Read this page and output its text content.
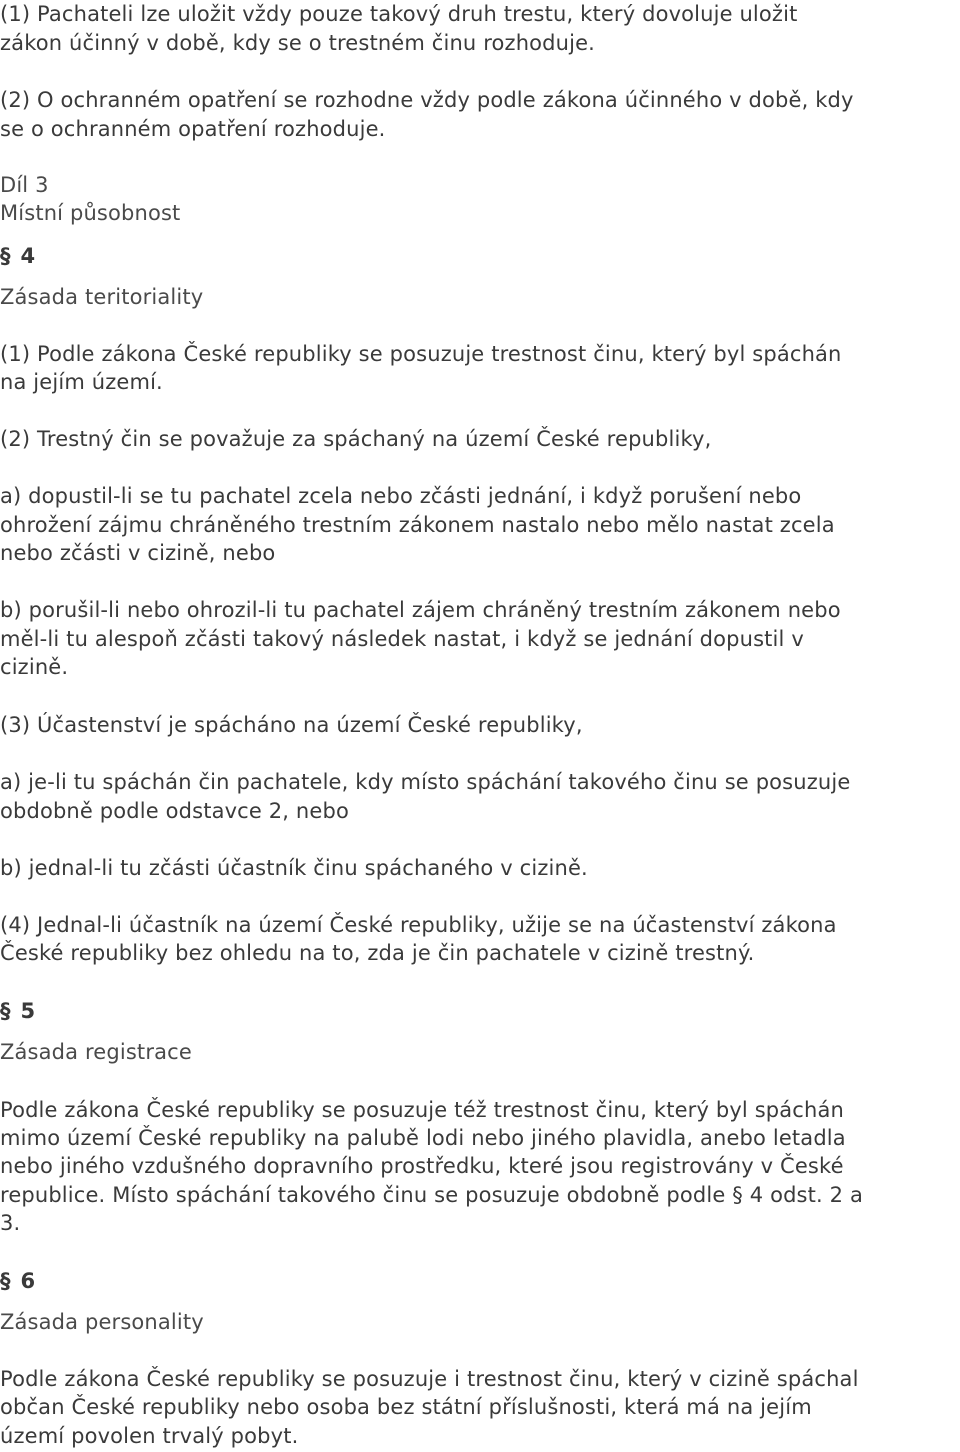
(1) Pachateli lze uložit vždy pouze takový druh trestu, který dovoluje uložit

zákon účinný v době, kdy se o trestném činu rozhoduje.

(2) O ochranném opatření se rozhodne vždy podle zákona účinného v době, kdy

se o ochranném opatření rozhoduje.

Díl 3

Místní působnost

§ 4

Zásada teritoriality

(1) Podle zákona České republiky se posuzuje trestnost činu, který byl spáchán

na jejím území.

(2) Trestný čin se považuje za spáchaný na území České republiky,

a) dopustil-li se tu pachatel zcela nebo zčásti jednání, i když porušení nebo

ohrožení zájmu chráněného trestním zákonem nastalo nebo mělo nastat zcela

nebo zčásti v cizině, nebo

b) porušil-li nebo ohrozil-li tu pachatel zájem chráněný trestním zákonem nebo

měl-li tu alespoň zčásti takový následek nastat, i když se jednání dopustil v

cizině.

(3) Účastenství je spácháno na území České republiky,

a) je-li tu spáchán čin pachatele, kdy místo spáchání takového činu se posuzuje

obdobně podle odstavce 2, nebo

b) jednal-li tu zčásti účastník činu spáchaného v cizině.

(4) Jednal-li účastník na území České republiky, užije se na účastenství zákona

České republiky bez ohledu na to, zda je čin pachatele v cizině trestný.

§ 5

Zásada registrace

Podle zákona České republiky se posuzuje též trestnost činu, který byl spáchán

mimo území České republiky na palubě lodi nebo jiného plavidla, anebo letadla

nebo jiného vzdušného dopravního prostředku, které jsou registrovány v České

republice. Místo spáchání takového činu se posuzuje obdobně podle § 4 odst. 2 a

3.

§ 6

Zásada personality

Podle zákona České republiky se posuzuje i trestnost činu, který v cizině spáchal

občan České republiky nebo osoba bez státní příslušnosti, která má na jejím

území povolen trvalý pobyt.
